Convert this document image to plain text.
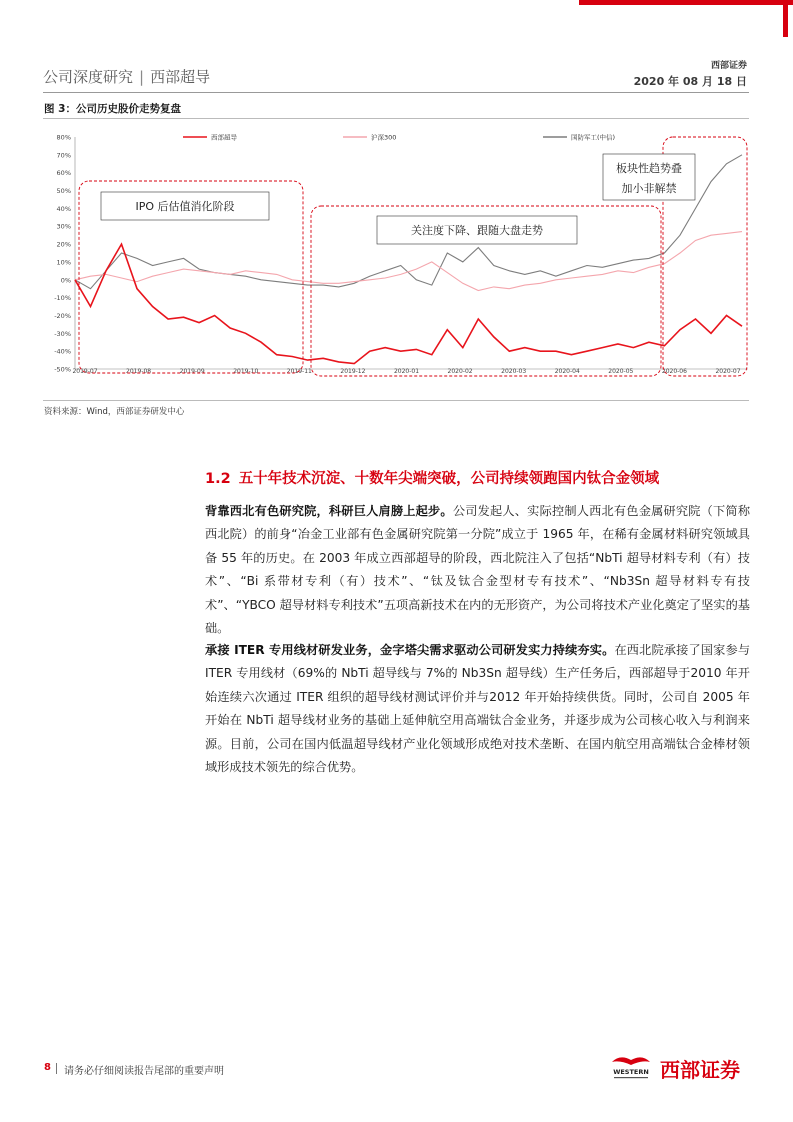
公司深度研究 | 西部超导
西部证券
2020 年 08 月 18 日
图 3：公司历史股价走势复盘
80%
70%
60%
50%
40%
30%
20%
10%
0%
-10%
-20%
-30%
-40%
-50% 2019-07	2019-08	2019-09	2019-10	2019-11	2019-12	2020-01	2020-02	2020-03	2020-04	2020-05	2020-06	2020-07
西部超导	沪深300	国防军工(中信)
IPO 后估值消化阶段
关注度下降、跟随大盘走势
板块性趋势叠
加小非解禁
资料来源：Wind，西部证券研发中心
1.2 五十年技术沉淀、十数年尖端突破，公司持续领跑国内钛合金领域
背靠西北有色研究院，科研巨人肩膀上起步。公司发起人、实际控制人西北有色金属研究院（下简称西北院）的前身“冶金工业部有色金属研究院第一分院”成立于 1965 年，在稀有金属材料研究领域具备 55 年的历史。在 2003 年成立西部超导的阶段，西北院注入了包括“NbTi 超导材料专利（有）技术”、“Bi 系带材专利（有）技术”、“钛及钛合金型材专有技术”、“Nb3Sn 超导材料专有技术”、“YBCO 超导材料专利技术”五项高新技术在内的无形资产，为公司将技术产业化奠定了坚实的基础。
承接 ITER 专用线材研发业务，金字塔尖需求驱动公司研发实力持续夯实。在西北院承接了国家参与 ITER 专用线材（69%的 NbTi 超导线与 7%的 Nb3Sn 超导线）生产任务后，西部超导于2010 年开始连续六次通过 ITER 组织的超导线材测试评价并与2012 年开始持续供货。同时，公司自 2005 年开始在 NbTi 超导线材业务的基础上延伸航空用高端钛合金业务，并逐步成为公司核心收入与利润来源。目前，公司在国内低温超导线材产业化领域形成绝对技术垄断、在国内航空用高端钛合金棒材领域形成技术领先的综合优势。
8 请务必仔细阅读报告尾部的重要声明	WESTERN 西部证券
